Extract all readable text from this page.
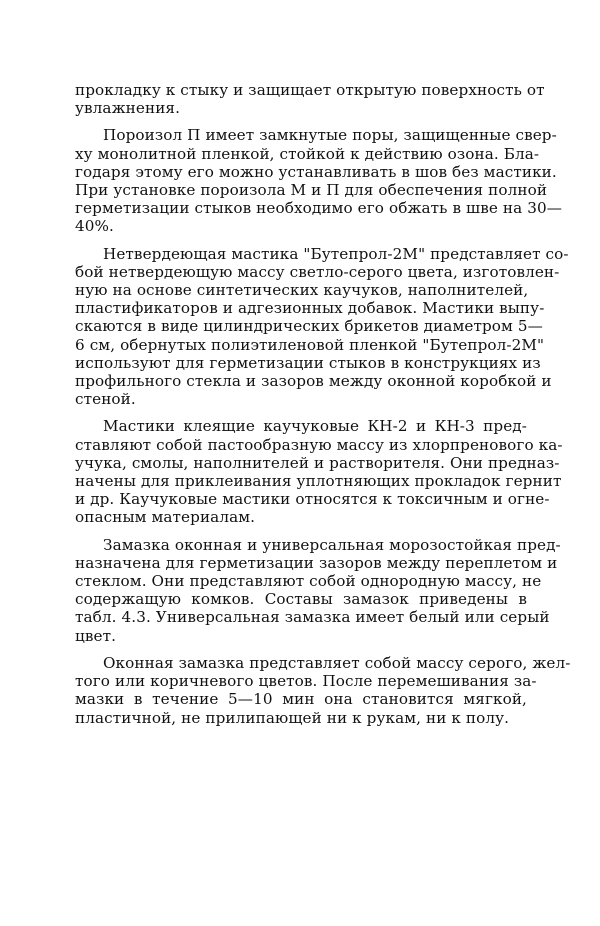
прокладку к стыку и защищает открытую поверхность от
увлажнения.

Пороизол П имеет замкнутые поры, защищенные свер-
ху монолитной пленкой, стойкой к действию озона. Бла-
годаря этому его можно устанавливать в шов без мастики.
При установке пороизола М и П для обеспечения полной
герметизации стыков необходимо его обжать в шве на 30—
40%.

Нетвердеющая мастика "Бутепрол-2М" представляет со-
бой нетвердеющую массу светло-серого цвета, изготовлен-
ную на основе синтетических каучуков, наполнителей,
пластификаторов и адгезионных добавок. Мастики выпу-
скаются в виде цилиндрических брикетов диаметром 5—
6 см, обернутых полиэтиленовой пленкой "Бутепрол-2М"
используют для герметизации стыков в конструкциях из
профильного стекла и зазоров между оконной коробкой и
стеной.

Мастики клеящие каучуковые КН-2 и КН-3 пред-
ставляют собой пастообразную массу из хлорпренового ка-
учука, смолы, наполнителей и растворителя. Они предназ-
начены для приклеивания уплотняющих прокладок гернит
и др. Каучуковые мастики относятся к токсичным и огне-
опасным материалам.

Замазка оконная и универсальная морозостойкая пред-
назначена для герметизации зазоров между переплетом и
стеклом. Они представляют собой однородную массу, не
содержащую комков. Составы замазок приведены в
табл. 4.3. Универсальная замазка имеет белый или серый
цвет.

Оконная замазка представляет собой массу серого, жел-
того или коричневого цветов. После перемешивания за-
мазки в течение 5—10 мин она становится мягкой,
пластичной, не прилипающей ни к рукам, ни к полу.
